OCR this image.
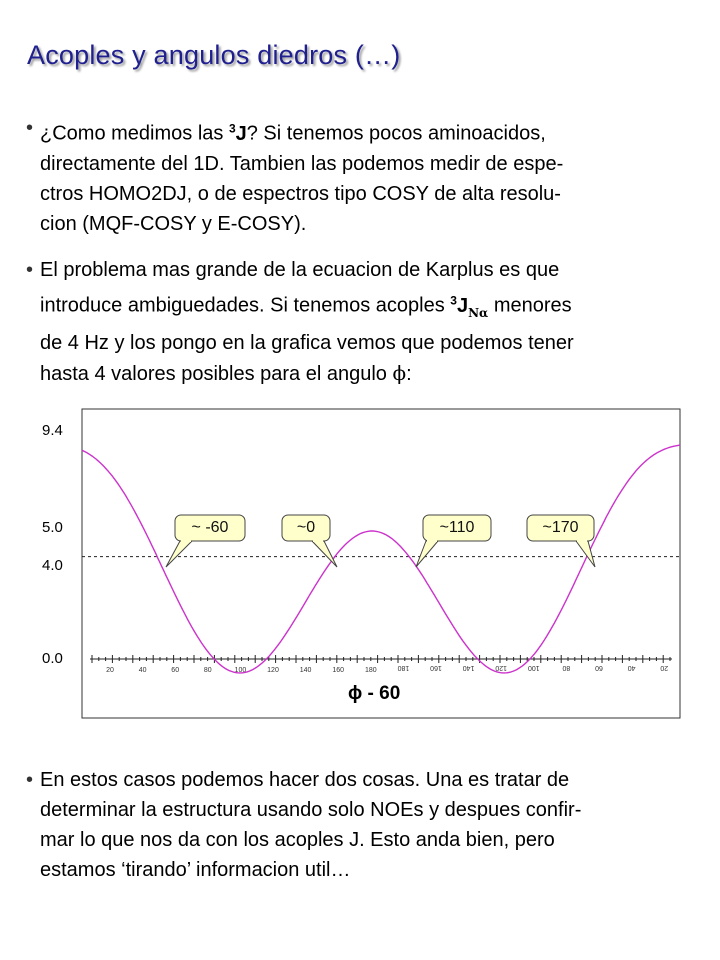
Acoples y angulos diedros (…)
• ¿Como medimos las $^3$J? Si tenemos pocos aminoacidos,
directamente del 1D. Tambien las podemos medir de espe-
ctros HOMO2DJ, o de espectros tipo COSY de alta resolu-
cion (MQF-COSY y E-COSY).
• El problema mas grande de la ecuacion de Karplus es que
introduce ambiguedades. Si tenemos acoples $^3J_{N\alpha}$ menores
de 4 Hz y los pongo en la grafica vemos que podemos tener
hasta 4 valores posibles para el angulo ϕ:
20	40	60	80	100	120	140	160	180	180	160	140	120	100	80	60	40	20
9.4
5.0
4.0
0.0
ϕ - 60
~ -60	~0	~110	~170
• En estos casos podemos hacer dos cosas. Una es tratar de
determinar la estructura usando solo NOEs y despues confir-
mar lo que nos da con los acoples J. Esto anda bien, pero
estamos ‘tirando’ informacion util…
